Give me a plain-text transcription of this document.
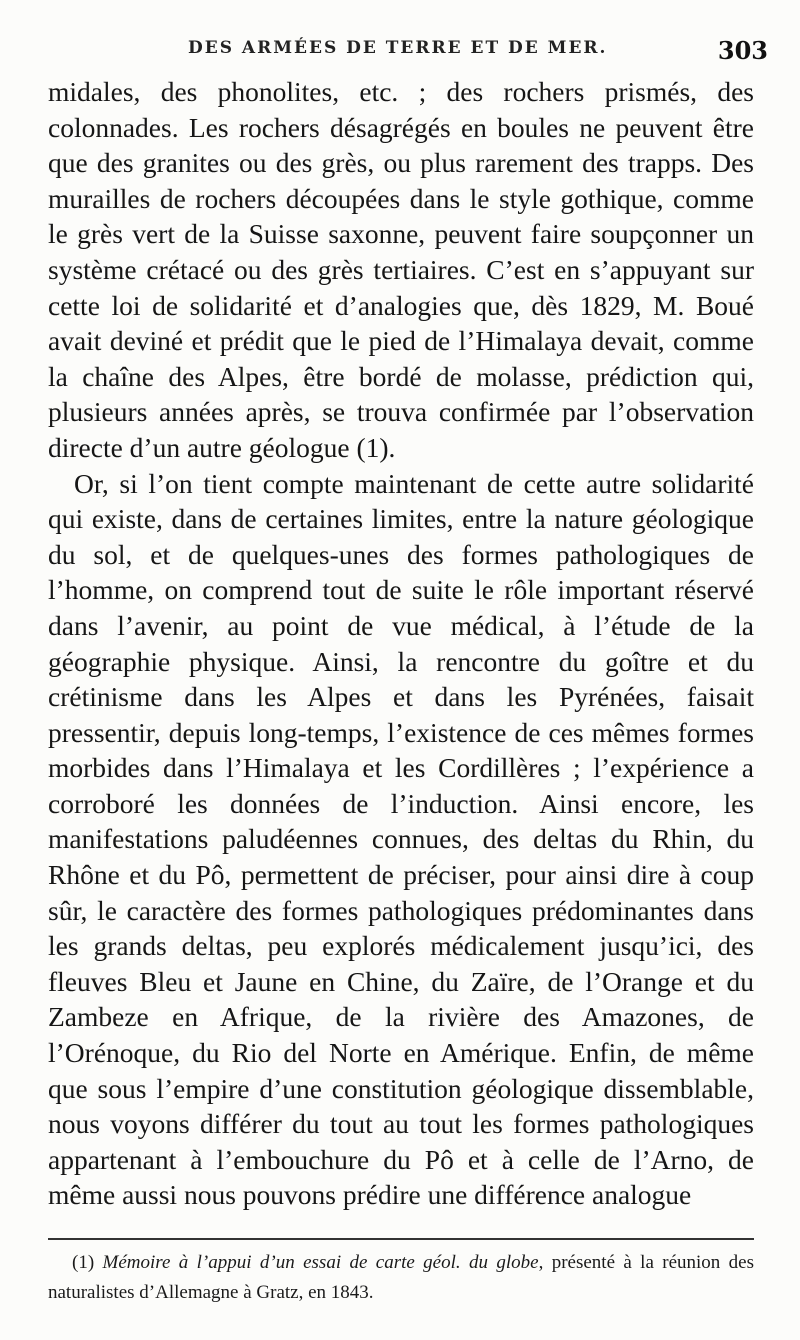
DES ARMÉES DE TERRE ET DE MER.	303

midales, des phonolites, etc. ; des rochers prismés, des colonnades. Les rochers désagrégés en boules ne peuvent être que des granites ou des grès, ou plus rarement des trapps. Des murailles de rochers découpées dans le style gothique, comme le grès vert de la Suisse saxonne, peuvent faire soupçonner un système crétacé ou des grès tertiaires. C’est en s’appuyant sur cette loi de solidarité et d’analogies que, dès 1829, M. Boué avait deviné et prédit que le pied de l’Himalaya devait, comme la chaîne des Alpes, être bordé de molasse, prédiction qui, plusieurs années après, se trouva confirmée par l’observation directe d’un autre géologue (1).

Or, si l’on tient compte maintenant de cette autre solidarité qui existe, dans de certaines limites, entre la nature géologique du sol, et de quelques-unes des formes pathologiques de l’homme, on comprend tout de suite le rôle important réservé dans l’avenir, au point de vue médical, à l’étude de la géographie physique. Ainsi, la rencontre du goître et du crétinisme dans les Alpes et dans les Pyrénées, faisait pressentir, depuis long-temps, l’existence de ces mêmes formes morbides dans l’Himalaya et les Cordillères ; l’expérience a corroboré les données de l’induction. Ainsi encore, les manifestations paludéennes connues, des deltas du Rhin, du Rhône et du Pô, permettent de préciser, pour ainsi dire à coup sûr, le caractère des formes pathologiques prédominantes dans les grands deltas, peu explorés médicalement jusqu’ici, des fleuves Bleu et Jaune en Chine, du Zaïre, de l’Orange et du Zambeze en Afrique, de la rivière des Amazones, de l’Orénoque, du Rio del Norte en Amérique. Enfin, de même que sous l’empire d’une constitution géologique dissemblable, nous voyons différer du tout au tout les formes pathologiques appartenant à l’embouchure du Pô et à celle de l’Arno, de même aussi nous pouvons prédire une différence analogue

(1) Mémoire à l’appui d’un essai de carte géol. du globe, présenté à la réunion des naturalistes d’Allemagne à Gratz, en 1843.
